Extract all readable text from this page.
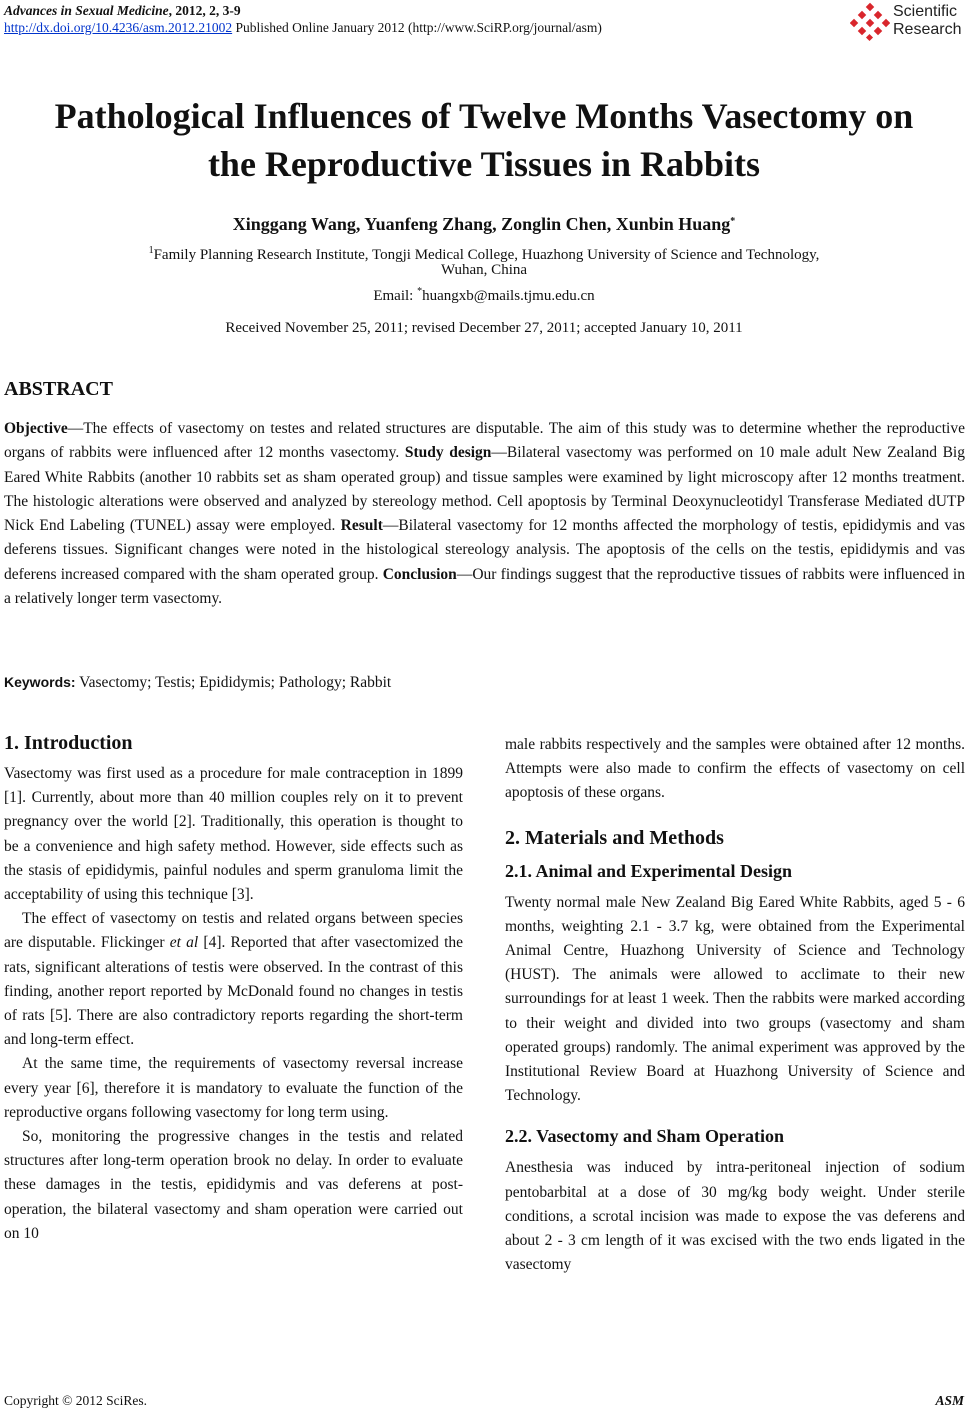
Advances in Sexual Medicine, 2012, 2, 3-9
http://dx.doi.org/10.4236/asm.2012.21002 Published Online January 2012 (http://www.SciRP.org/journal/asm)
Scientific
Research
Pathological Influences of Twelve Months Vasectomy on
the Reproductive Tissues in Rabbits
Xinggang Wang, Yuanfeng Zhang, Zonglin Chen, Xunbin Huang*
$^1$Family Planning Research Institute, Tongji Medical College, Huazhong University of Science and Technology,
Wuhan, China
Email: *huangxb@mails.tjmu.edu.cn
Received November 25, 2011; revised December 27, 2011; accepted January 10, 2011
ABSTRACT

Objective—The effects of vasectomy on testes and related structures are disputable. The aim of this study was to determine whether the reproductive organs of rabbits were influenced after 12 months vasectomy. Study design—Bilateral vasectomy was performed on 10 male adult New Zealand Big Eared White Rabbits (another 10 rabbits set as sham operated group) and tissue samples were examined by light microscopy after 12 months treatment. The histologic alterations were observed and analyzed by stereology method. Cell apoptosis by Terminal Deoxynucleotidyl Transferase Mediated dUTP Nick End Labeling (TUNEL) assay were employed. Result—Bilateral vasectomy for 12 months affected the morphology of testis, epididymis and vas deferens tissues. Significant changes were noted in the histological stereology analysis. The apoptosis of the cells on the testis, epididymis and vas deferens increased compared with the sham operated group. Conclusion—Our findings suggest that the reproductive tissues of rabbits were influenced in a relatively longer term vasectomy.

Keywords: Vasectomy; Testis; Epididymis; Pathology; Rabbit
1. Introduction

Vasectomy was first used as a procedure for male contraception in 1899 [1]. Currently, about more than 40 million couples rely on it to prevent pregnancy over the world [2]. Traditionally, this operation is thought to be a convenience and high safety method. However, side effects such as the stasis of epididymis, painful nodules and sperm granuloma limit the acceptability of using this technique [3].

The effect of vasectomy on testis and related organs between species are disputable. Flickinger et al [4]. Reported that after vasectomized the rats, significant alterations of testis were observed. In the contrast of this finding, another report reported by McDonald found no changes in testis of rats [5]. There are also contradictory reports regarding the short-term and long-term effect.

At the same time, the requirements of vasectomy reversal increase every year [6], therefore it is mandatory to evaluate the function of the reproductive organs following vasectomy for long term using.

So, monitoring the progressive changes in the testis and related structures after long-term operation brook no delay. In order to evaluate these damages in the testis, epididymis and vas deferens at post-operation, the bilateral vasectomy and sham operation were carried out on 10

male rabbits respectively and the samples were obtained after 12 months. Attempts were also made to confirm the effects of vasectomy on cell apoptosis of these organs.

2. Materials and Methods
2.1. Animal and Experimental Design

Twenty normal male New Zealand Big Eared White Rabbits, aged 5 - 6 months, weighting 2.1 - 3.7 kg, were obtained from the Experimental Animal Centre, Huazhong University of Science and Technology (HUST). The animals were allowed to acclimate to their new surroundings for at least 1 week. Then the rabbits were marked according to their weight and divided into two groups (vasectomy and sham operated groups) randomly. The animal experiment was approved by the Institutional Review Board at Huazhong University of Science and Technology.

2.2. Vasectomy and Sham Operation

Anesthesia was induced by intra-peritoneal injection of sodium pentobarbital at a dose of 30 mg/kg body weight. Under sterile conditions, a scrotal incision was made to expose the vas deferens and about 2 - 3 cm length of it was excised with the two ends ligated in the vasectomy

Copyright © 2012 SciRes.	ASM
